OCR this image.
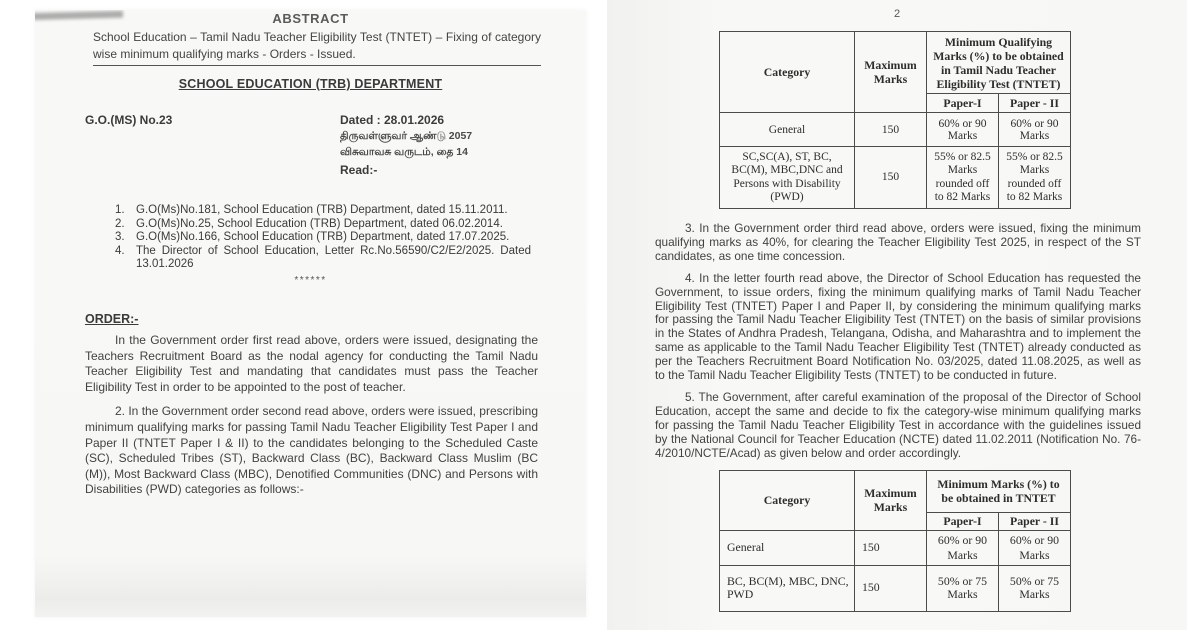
ABSTRACT
School Education – Tamil Nadu Teacher Eligibility Test (TNTET) – Fixing of category wise minimum qualifying marks - Orders - Issued.
SCHOOL EDUCATION (TRB) DEPARTMENT
G.O.(MS) No.23	Dated : 28.01.2026
திருவள்ளுவர் ஆண்டு 2057
விசுவாவசு வருடம், தை 14
Read:-
1. G.O(Ms)No.181, School Education (TRB) Department, dated 15.11.2011.
2. G.O(Ms)No.25, School Education (TRB) Department, dated 06.02.2014.
3. G.O(Ms)No.166, School Education (TRB) Department, dated 17.07.2025.
4. The Director of School Education, Letter Rc.No.56590/C2/E2/2025. Dated 13.01.2026
******
ORDER:-
In the Government order first read above, orders were issued, designating the Teachers Recruitment Board as the nodal agency for conducting the Tamil Nadu Teacher Eligibility Test and mandating that candidates must pass the Teacher Eligibility Test in order to be appointed to the post of teacher.
2. In the Government order second read above, orders were issued, prescribing minimum qualifying marks for passing Tamil Nadu Teacher Eligibility Test Paper I and Paper II (TNTET Paper I & II) to the candidates belonging to the Scheduled Caste (SC), Scheduled Tribes (ST), Backward Class (BC), Backward Class Muslim (BC (M)), Most Backward Class (MBC), Denotified Communities (DNC) and Persons with Disabilities (PWD) categories as follows:-
2
Category	Maximum Marks	Minimum Qualifying Marks (%) to be obtained in Tamil Nadu Teacher Eligibility Test (TNTET)	
		Paper-I	Paper - II
General	150	60% or 90 Marks	60% or 90 Marks
SC,SC(A), ST, BC, BC(M), MBC,DNC and Persons with Disability (PWD)	150	55% or 82.5 Marks rounded off to 82 Marks	55% or 82.5 Marks rounded off to 82 Marks
3. In the Government order third read above, orders were issued, fixing the minimum qualifying marks as 40%, for clearing the Teacher Eligibility Test 2025, in respect of the ST candidates, as one time concession.
4. In the letter fourth read above, the Director of School Education has requested the Government, to issue orders, fixing the minimum qualifying marks of Tamil Nadu Teacher Eligibility Test (TNTET) Paper I and Paper II, by considering the minimum qualifying marks for passing the Tamil Nadu Teacher Eligibility Test (TNTET) on the basis of similar provisions in the States of Andhra Pradesh, Telangana, Odisha, and Maharashtra and to implement the same as applicable to the Tamil Nadu Teacher Eligibility Test (TNTET) already conducted as per the Teachers Recruitment Board Notification No. 03/2025, dated 11.08.2025, as well as to the Tamil Nadu Teacher Eligibility Tests (TNTET) to be conducted in future.
5. The Government, after careful examination of the proposal of the Director of School Education, accept the same and decide to fix the category-wise minimum qualifying marks for passing the Tamil Nadu Teacher Eligibility Test in accordance with the guidelines issued by the National Council for Teacher Education (NCTE) dated 11.02.2011 (Notification No. 76-4/2010/NCTE/Acad) as given below and order accordingly.
Category	Maximum Marks	Minimum Marks (%) to be obtained in TNTET	
		Paper-I	Paper - II
General	150	60% or 90 Marks	60% or 90 Marks
BC, BC(M), MBC, DNC, PWD	150	50% or 75 Marks	50% or 75 Marks
